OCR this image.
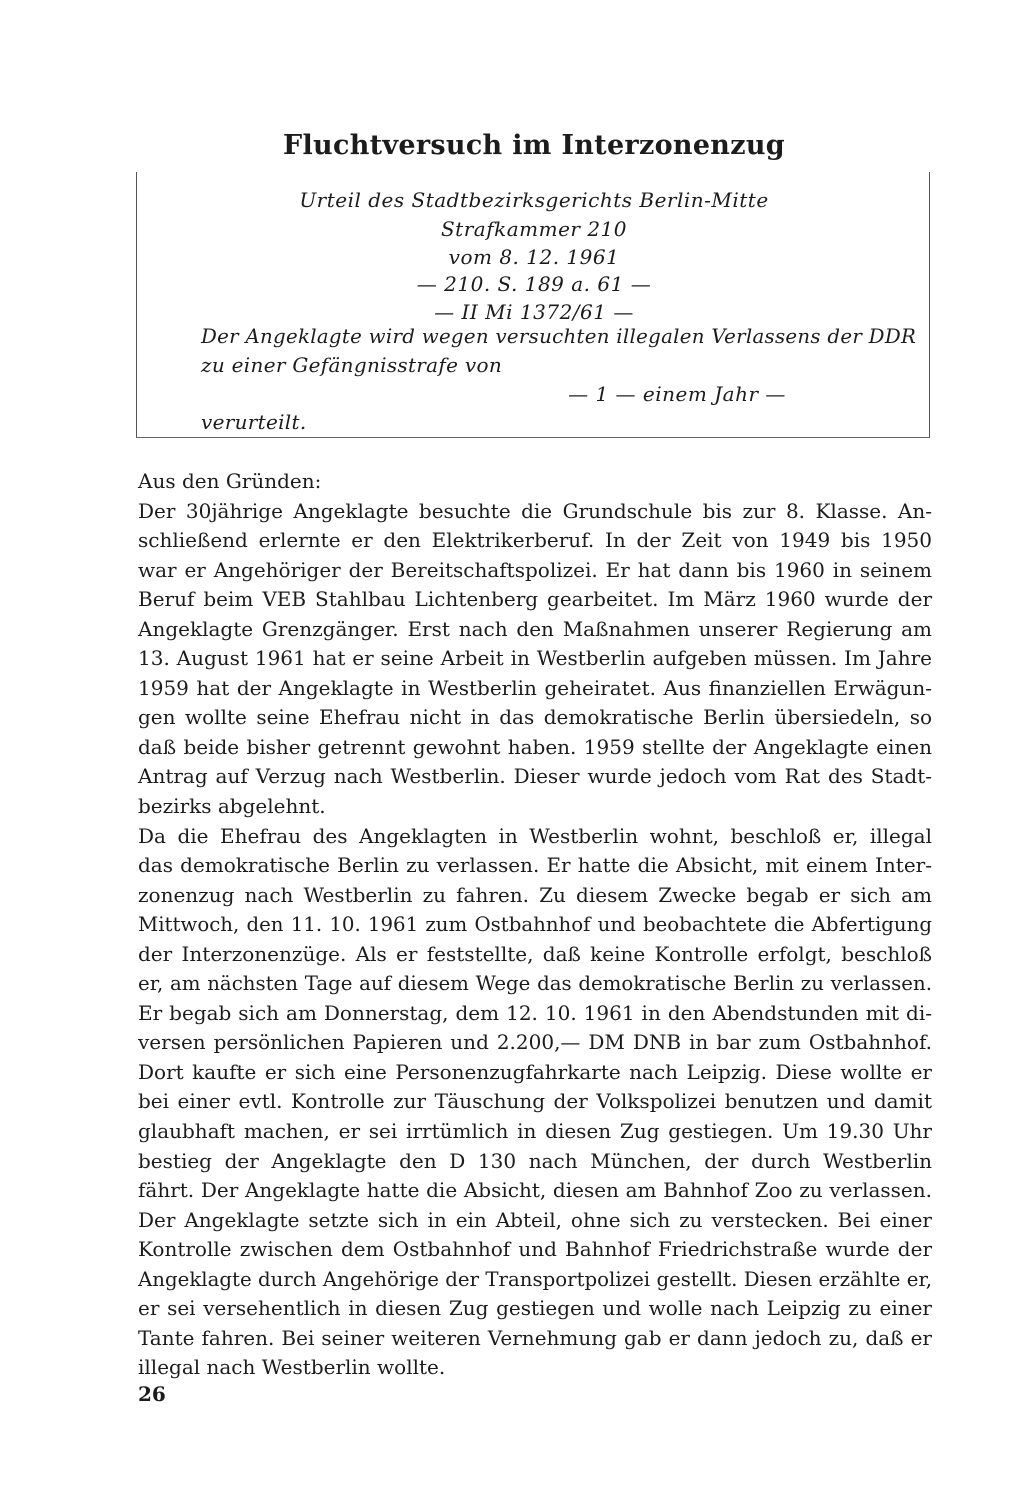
Fluchtversuch im Interzonenzug
Urteil des Stadtbezirksgerichts Berlin-Mitte
Strafkammer 210
vom 8. 12. 1961
— 210. S. 189 a. 61 —
— II Mi 1372/61 —
Der Angeklagte wird wegen versuchten illegalen Verlassens der DDR
zu einer Gefängnisstrafe von
— 1 — einem Jahr —
verurteilt.
Aus den Gründen:
Der 30jährige Angeklagte besuchte die Grundschule bis zur 8. Klasse. An-
schließend erlernte er den Elektrikerberuf. In der Zeit von 1949 bis 1950
war er Angehöriger der Bereitschaftspolizei. Er hat dann bis 1960 in seinem
Beruf beim VEB Stahlbau Lichtenberg gearbeitet. Im März 1960 wurde der
Angeklagte Grenzgänger. Erst nach den Maßnahmen unserer Regierung am
13. August 1961 hat er seine Arbeit in Westberlin aufgeben müssen. Im Jahre
1959 hat der Angeklagte in Westberlin geheiratet. Aus finanziellen Erwägun-
gen wollte seine Ehefrau nicht in das demokratische Berlin übersiedeln, so
daß beide bisher getrennt gewohnt haben. 1959 stellte der Angeklagte einen
Antrag auf Verzug nach Westberlin. Dieser wurde jedoch vom Rat des Stadt-
bezirks abgelehnt.
Da die Ehefrau des Angeklagten in Westberlin wohnt, beschloß er, illegal
das demokratische Berlin zu verlassen. Er hatte die Absicht, mit einem Inter-
zonenzug nach Westberlin zu fahren. Zu diesem Zwecke begab er sich am
Mittwoch, den 11. 10. 1961 zum Ostbahnhof und beobachtete die Abfertigung
der Interzonenzüge. Als er feststellte, daß keine Kontrolle erfolgt, beschloß
er, am nächsten Tage auf diesem Wege das demokratische Berlin zu verlassen.
Er begab sich am Donnerstag, dem 12. 10. 1961 in den Abendstunden mit di-
versen persönlichen Papieren und 2.200,— DM DNB in bar zum Ostbahnhof.
Dort kaufte er sich eine Personenzugfahrkarte nach Leipzig. Diese wollte er
bei einer evtl. Kontrolle zur Täuschung der Volkspolizei benutzen und damit
glaubhaft machen, er sei irrtümlich in diesen Zug gestiegen. Um 19.30 Uhr
bestieg der Angeklagte den D 130 nach München, der durch Westberlin
fährt. Der Angeklagte hatte die Absicht, diesen am Bahnhof Zoo zu verlassen.
Der Angeklagte setzte sich in ein Abteil, ohne sich zu verstecken. Bei einer
Kontrolle zwischen dem Ostbahnhof und Bahnhof Friedrichstraße wurde der
Angeklagte durch Angehörige der Transportpolizei gestellt. Diesen erzählte er,
er sei versehentlich in diesen Zug gestiegen und wolle nach Leipzig zu einer
Tante fahren. Bei seiner weiteren Vernehmung gab er dann jedoch zu, daß er
illegal nach Westberlin wollte.
26
